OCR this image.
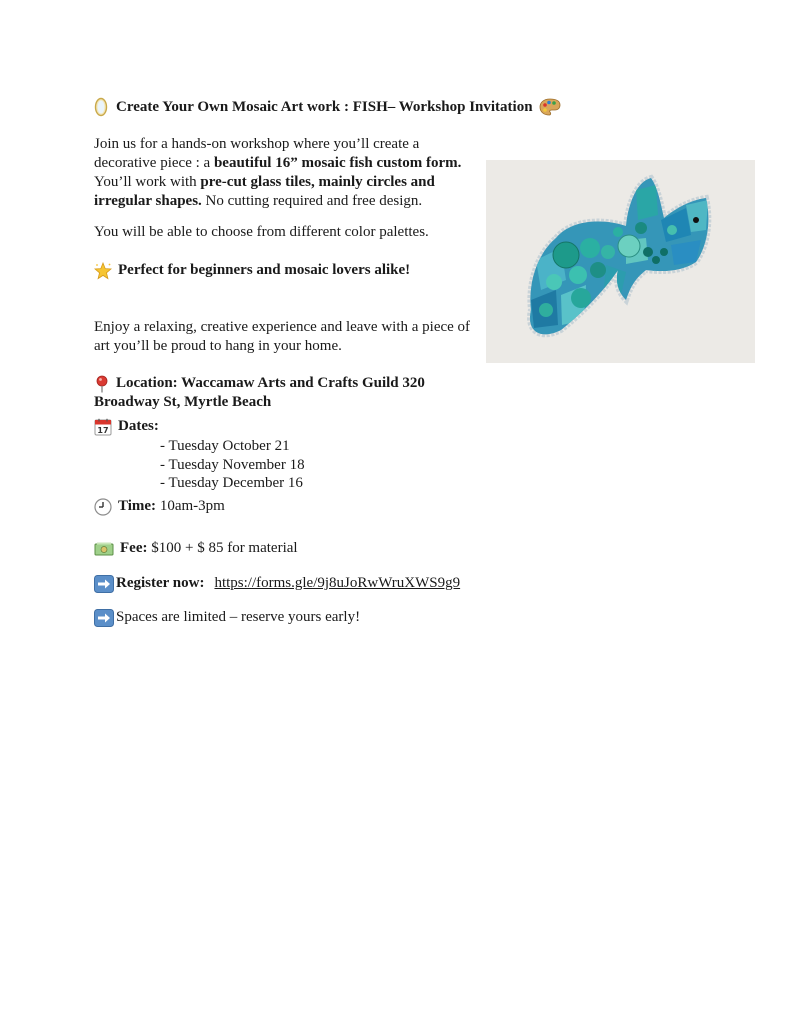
Create Your Own Mosaic Art work : FISH– Workshop Invitation
Join us for a hands-on workshop where you’ll create a decorative piece : a beautiful 16” mosaic fish custom form. You’ll work with pre-cut glass tiles, mainly circles and irregular shapes. No cutting required and free design.
You will be able to choose from different color palettes.
Perfect for beginners and mosaic lovers alike!
Enjoy a relaxing, creative experience and leave with a piece of art you’ll be proud to hang in your home.
Location: Waccamaw Arts and Crafts Guild 320
Broadway St, Myrtle Beach
17 Dates:
- Tuesday October 21
- Tuesday November 18
- Tuesday December 16
Time:
10am-3pm
Fee:
$100 + $ 85 for material
Register now: https://forms.gle/9j8uJoRwWruXWS9g9
Spaces are limited – reserve yours early!
